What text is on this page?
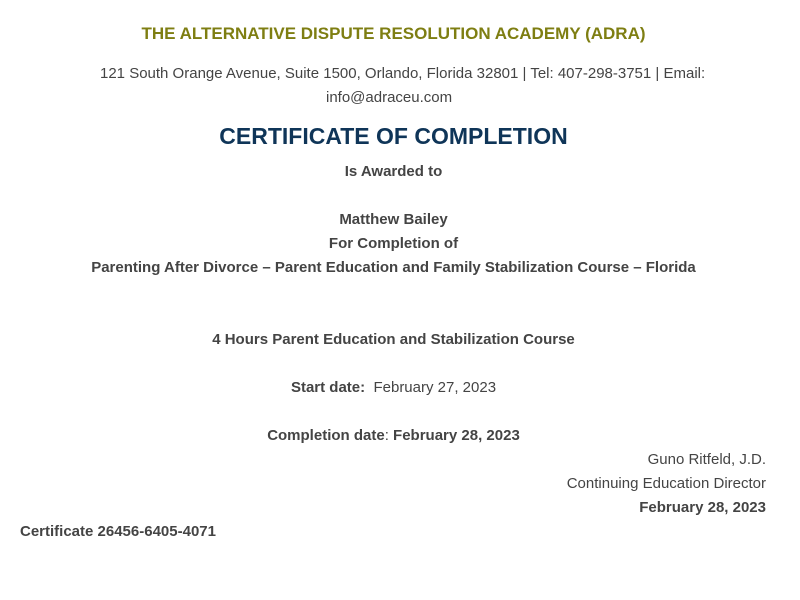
THE ALTERNATIVE DISPUTE RESOLUTION ACADEMY (ADRA)
121 South Orange Avenue, Suite 1500, Orlando, Florida 32801 | Tel: 407-298-3751 | Email:
info@adraceu.com
CERTIFICATE OF COMPLETION
Is Awarded to
Matthew Bailey
For Completion of
Parenting After Divorce – Parent Education and Family Stabilization Course – Florida
4 Hours Parent Education and Stabilization Course
Start date: February 27, 2023
Completion date: February 28, 2023
Guno Ritfeld, J.D.
Continuing Education Director
February 28, 2023
Certificate 26456-6405-4071
